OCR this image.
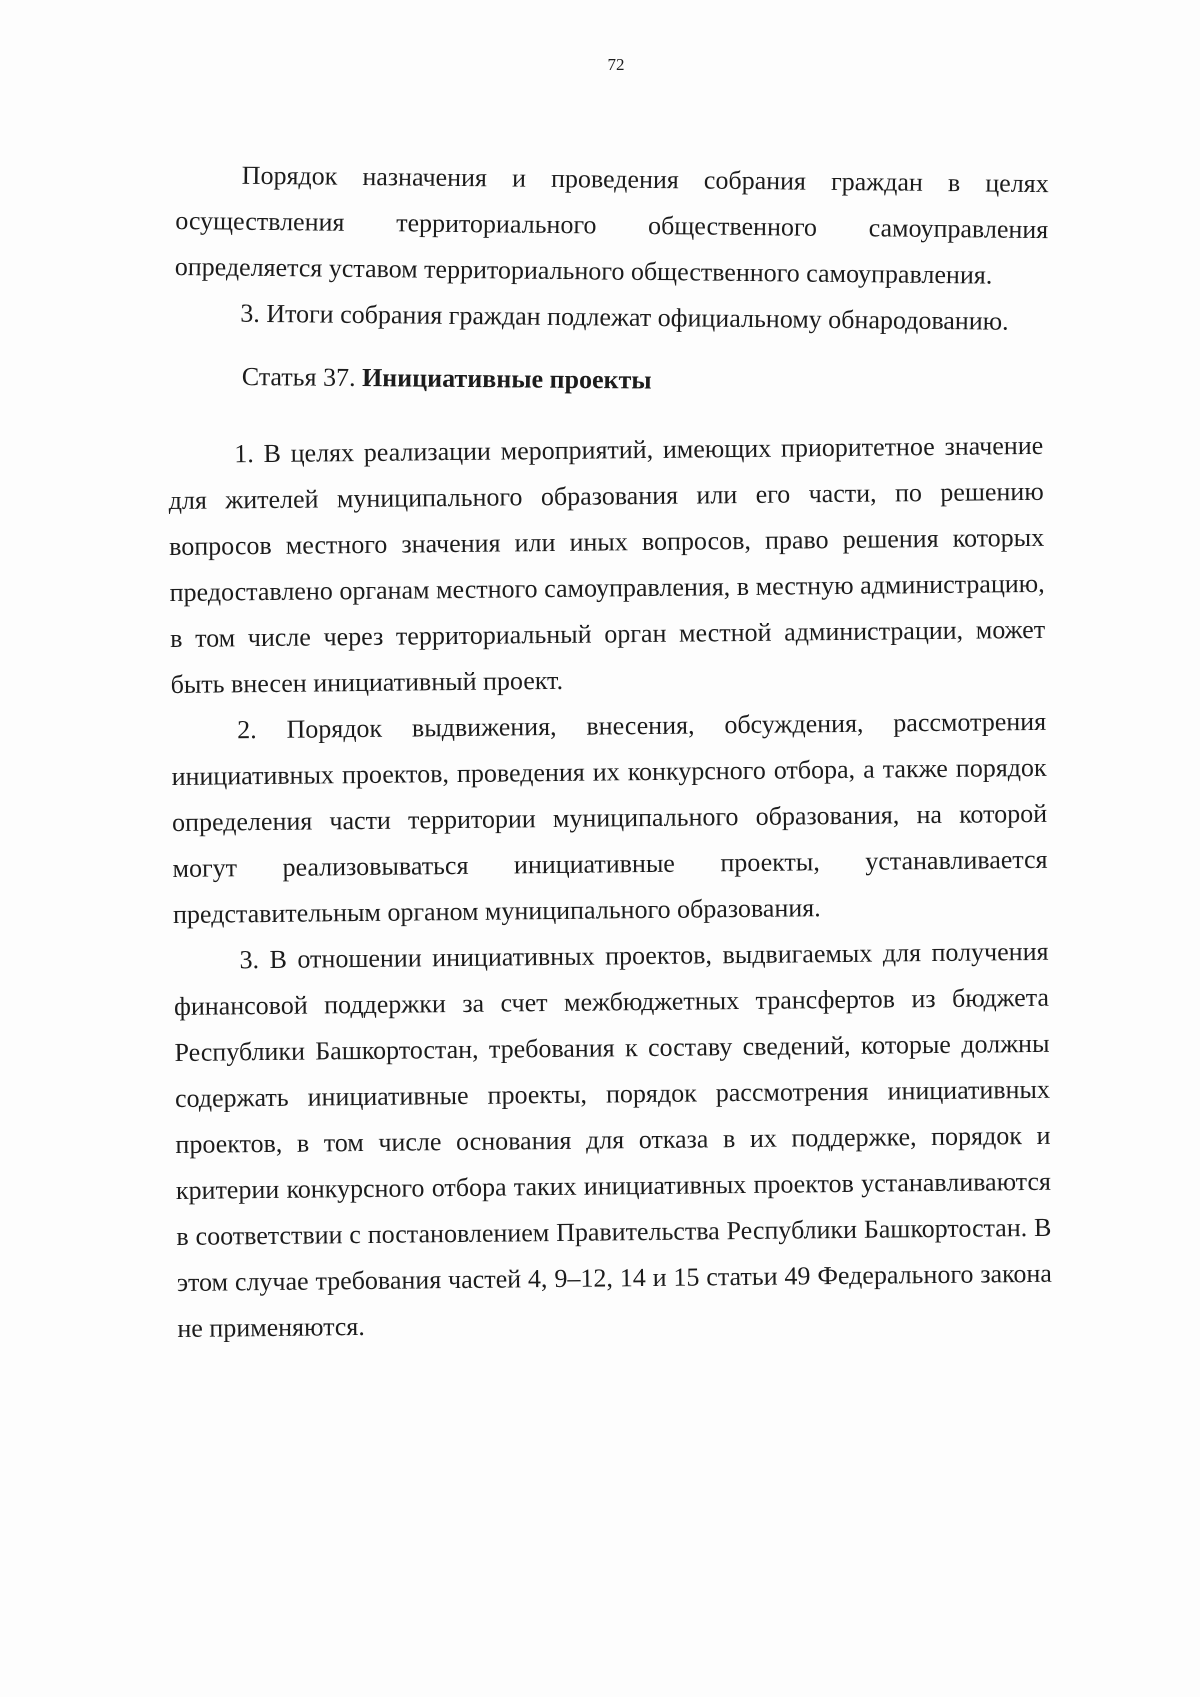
72

Порядок назначения и проведения собрания граждан в целях осуществления территориального общественного самоуправления определяется уставом территориального общественного самоуправления.

3. Итоги собрания граждан подлежат официальному обнародованию.

Статья 37. Инициативные проекты

1. В целях реализации мероприятий, имеющих приоритетное значение для жителей муниципального образования или его части, по решению вопросов местного значения или иных вопросов, право решения которых предоставлено органам местного самоуправления, в местную администрацию, в том числе через территориальный орган местной администрации, может быть внесен инициативный проект.

2. Порядок выдвижения, внесения, обсуждения, рассмотрения инициативных проектов, проведения их конкурсного отбора, а также порядок определения части территории муниципального образования, на которой могут реализовываться инициативные проекты, устанавливается представительным органом муниципального образования.

3. В отношении инициативных проектов, выдвигаемых для получения финансовой поддержки за счет межбюджетных трансфертов из бюджета Республики Башкортостан, требования к составу сведений, которые должны содержать инициативные проекты, порядок рассмотрения инициативных проектов, в том числе основания для отказа в их поддержке, порядок и критерии конкурсного отбора таких инициативных проектов устанавливаются в соответствии с постановлением Правительства Республики Башкортостан. В этом случае требования частей 4, 9–12, 14 и 15 статьи 49 Федерального закона не применяются.
